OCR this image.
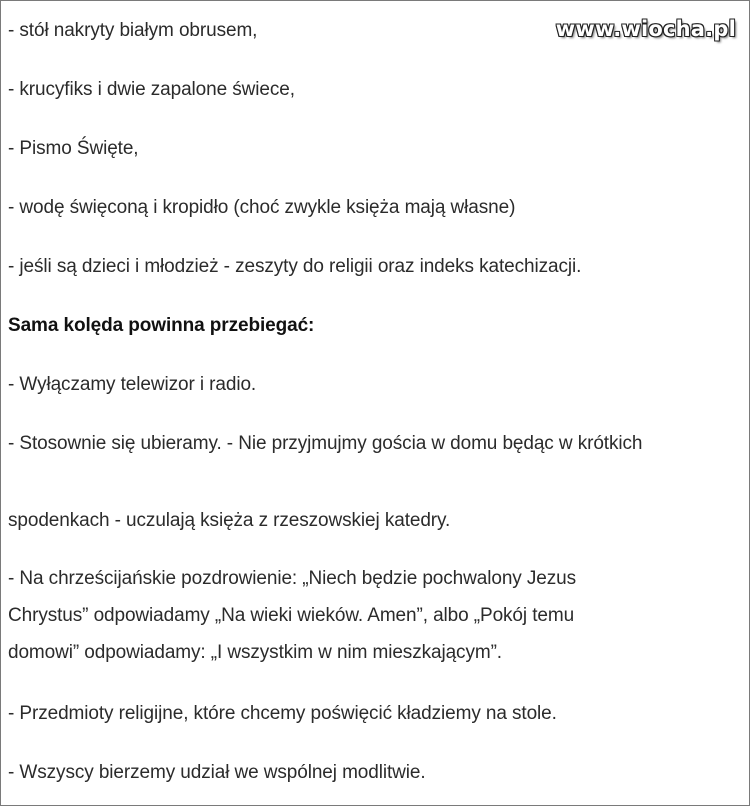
- stół nakryty białym obrusem,
- krucyfiks i dwie zapalone świece,
- Pismo Święte,
- wodę święconą i kropidło (choć zwykle księża mają własne)
- jeśli są dzieci i młodzież - zeszyty do religii oraz indeks katechizacji.
Sama kolęda powinna przebiegać:
- Wyłączamy telewizor i radio.
- Stosownie się ubieramy. - Nie przyjmujmy gościa w domu będąc w krótkich
spodenkach - uczulają księża z rzeszowskiej katedry.
- Na chrześcijańskie pozdrowienie: „Niech będzie pochwalony Jezus
Chrystus” odpowiadamy „Na wieki wieków. Amen”, albo „Pokój temu
domowi” odpowiadamy: „I wszystkim w nim mieszkającym”.
- Przedmioty religijne, które chcemy poświęcić kładziemy na stole.
- Wszyscy bierzemy udział we wspólnej modlitwie.
www.wiocha.pl
